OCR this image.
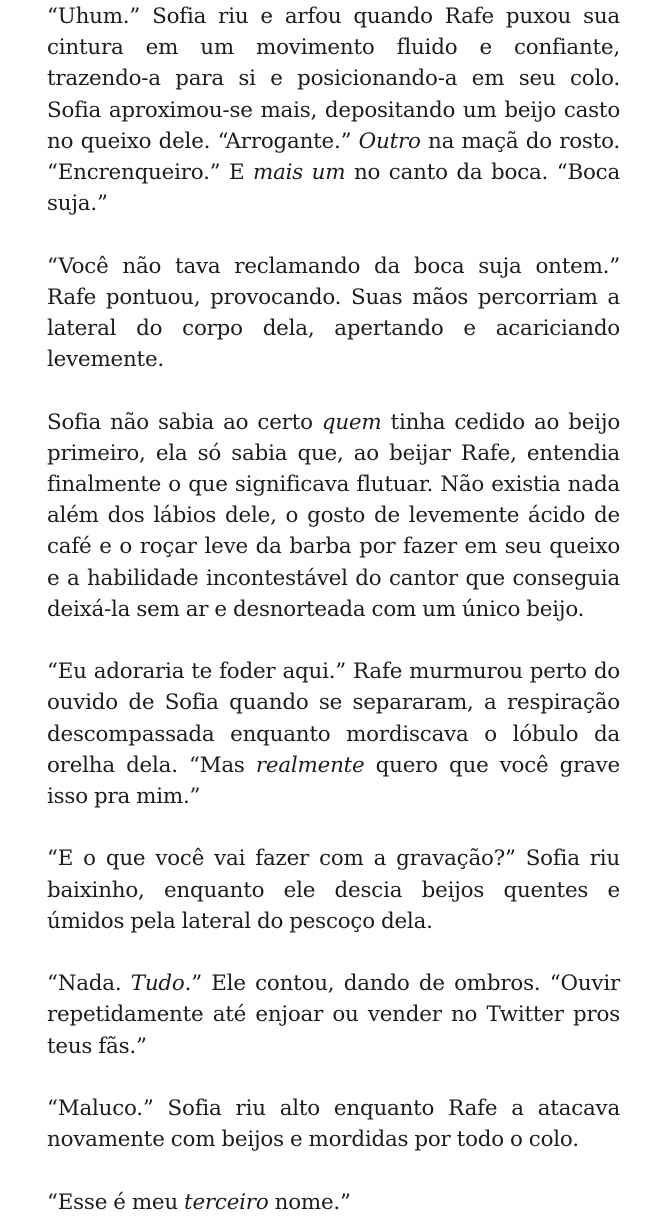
“Uhum.” Sofia riu e arfou quando Rafe puxou sua cintura em um movimento fluido e confiante, trazendo-a para si e posicionando-a em seu colo. Sofia aproximou-se mais, depositando um beijo casto no queixo dele. “Arrogante.” Outro na maçã do rosto. “Encrenqueiro.” E mais um no canto da boca. “Boca suja.”

“Você não tava reclamando da boca suja ontem.” Rafe pontuou, provocando. Suas mãos percorriam a lateral do corpo dela, apertando e acariciando levemente.

Sofia não sabia ao certo quem tinha cedido ao beijo primeiro, ela só sabia que, ao beijar Rafe, entendia finalmente o que significava flutuar. Não existia nada além dos lábios dele, o gosto de levemente ácido de café e o roçar leve da barba por fazer em seu queixo e a habilidade incontestável do cantor que conseguia deixá-la sem ar e desnorteada com um único beijo.

“Eu adoraria te foder aqui.” Rafe murmurou perto do ouvido de Sofia quando se separaram, a respiração descompassada enquanto mordiscava o lóbulo da orelha dela. “Mas realmente quero que você grave isso pra mim.”

“E o que você vai fazer com a gravação?” Sofia riu baixinho, enquanto ele descia beijos quentes e úmidos pela lateral do pescoço dela.

“Nada. Tudo.” Ele contou, dando de ombros. “Ouvir repetidamente até enjoar ou vender no Twitter pros teus fãs.”

“Maluco.” Sofia riu alto enquanto Rafe a atacava novamente com beijos e mordidas por todo o colo.

“Esse é meu terceiro nome.”
